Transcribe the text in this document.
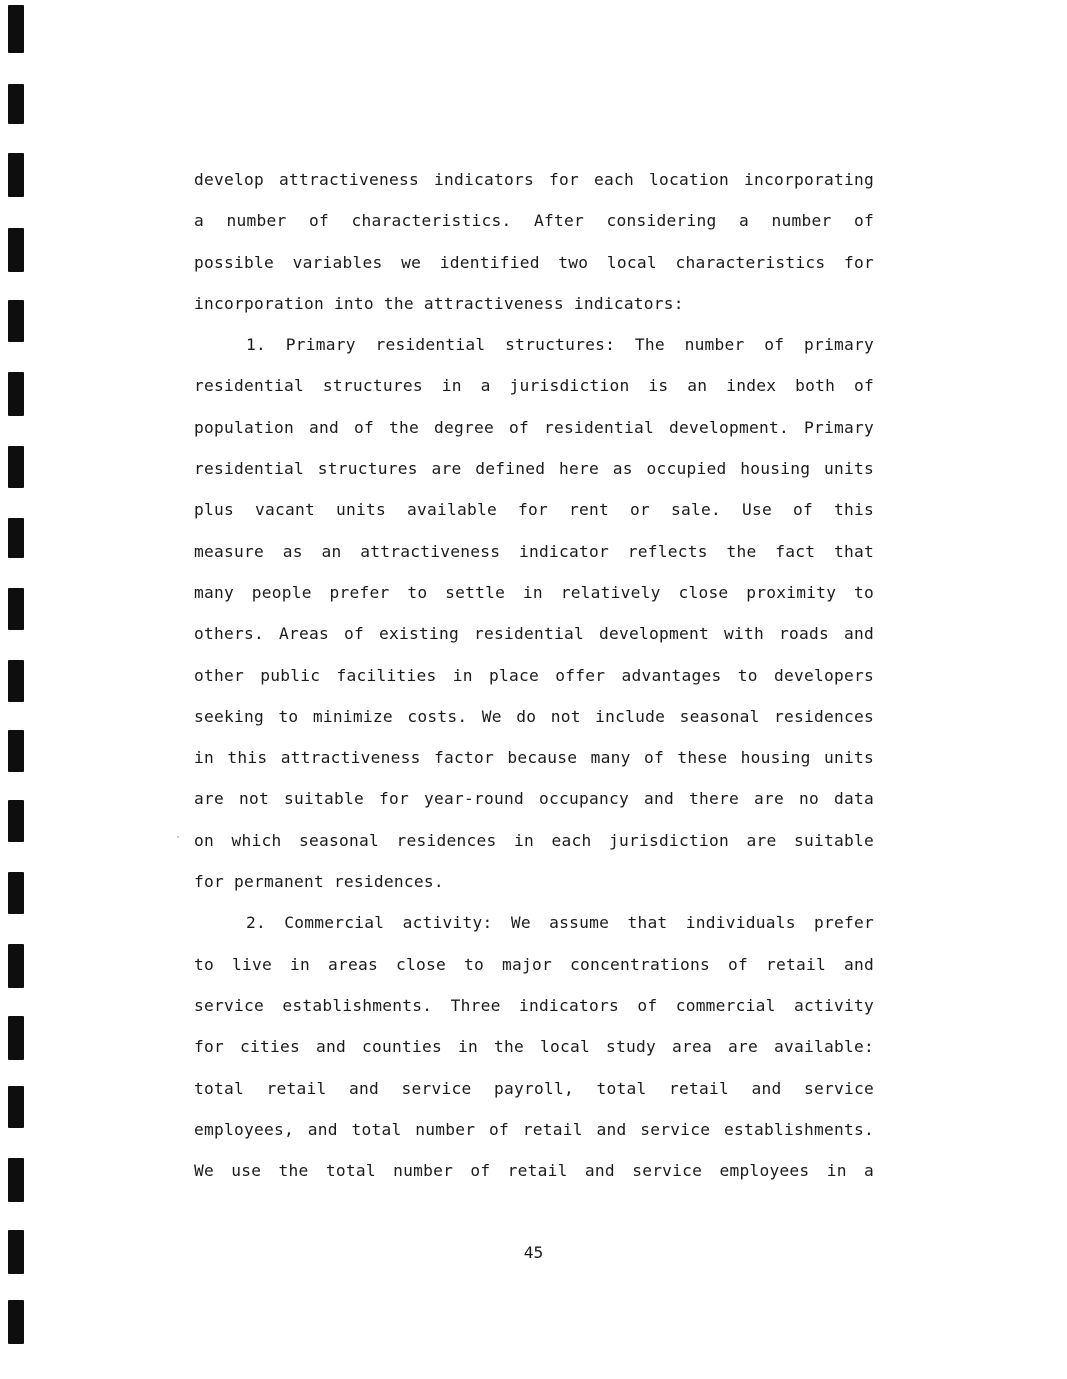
develop attractiveness indicators for each location incorporating
a number of characteristics. After considering a number of
possible variables we identified two local characteristics for
incorporation into the attractiveness indicators:
1. Primary residential structures: The number of primary
residential structures in a jurisdiction is an index both of
population and of the degree of residential development. Primary
residential structures are defined here as occupied housing units
plus vacant units available for rent or sale. Use of this
measure as an attractiveness indicator reflects the fact that
many people prefer to settle in relatively close proximity to
others. Areas of existing residential development with roads and
other public facilities in place offer advantages to developers
seeking to minimize costs. We do not include seasonal residences
in this attractiveness factor because many of these housing units
are not suitable for year-round occupancy and there are no data
on which seasonal residences in each jurisdiction are suitable
for permanent residences.
2. Commercial activity: We assume that individuals prefer
to live in areas close to major concentrations of retail and
service establishments. Three indicators of commercial activity
for cities and counties in the local study area are available:
total retail and service payroll, total retail and service
employees, and total number of retail and service establishments.
We use the total number of retail and service employees in a
45
